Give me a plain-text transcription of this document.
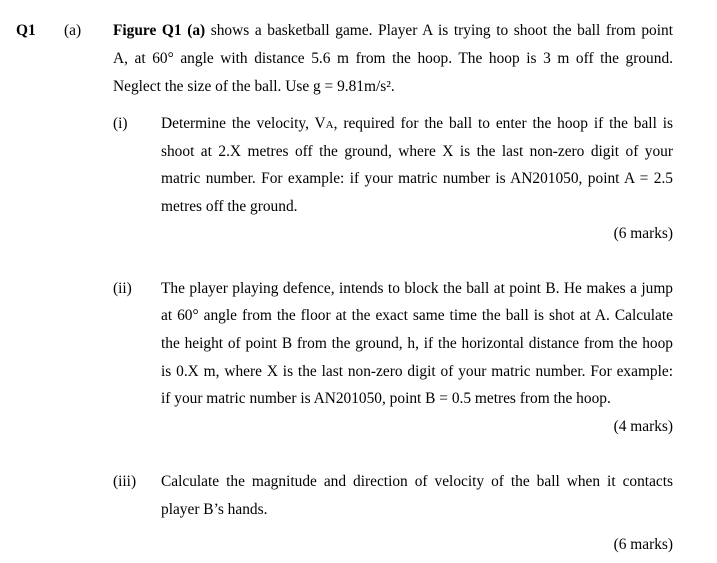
Q1 (a) Figure Q1 (a) shows a basketball game. Player A is trying to shoot the ball from point
A, at 60° angle with distance 5.6 m from the hoop. The hoop is 3 m off the ground.
Neglect the size of the ball. Use g = 9.81m/s².
(i) Determine the velocity, VA, required for the ball to enter the hoop if the ball is
shoot at 2.X metres off the ground, where X is the last non-zero digit of your
matric number. For example: if your matric number is AN201050, point A = 2.5
metres off the ground.
(6 marks)
(ii) The player playing defence, intends to block the ball at point B. He makes a jump
at 60° angle from the floor at the exact same time the ball is shot at A. Calculate
the height of point B from the ground, h, if the horizontal distance from the hoop
is 0.X m, where X is the last non-zero digit of your matric number. For example:
if your matric number is AN201050, point B = 0.5 metres from the hoop.
(4 marks)
(iii) Calculate the magnitude and direction of velocity of the ball when it contacts
player B’s hands.
(6 marks)
